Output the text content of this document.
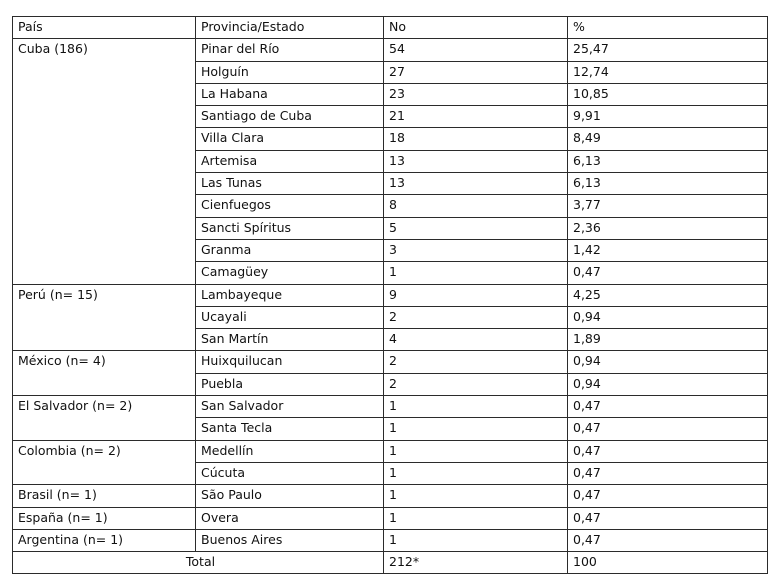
País	Provincia/Estado	No	%
Cuba (186)	Pinar del Río	54	25,47
	Holguín	27	12,74
	La Habana	23	10,85
	Santiago de Cuba	21	9,91
	Villa Clara	18	8,49
	Artemisa	13	6,13
	Las Tunas	13	6,13
	Cienfuegos	8	3,77
	Sancti Spíritus	5	2,36
	Granma	3	1,42
	Camagüey	1	0,47
Perú (n= 15)	Lambayeque	9	4,25
	Ucayali	2	0,94
	San Martín	4	1,89
México (n= 4)	Huixquilucan	2	0,94
	Puebla	2	0,94
El Salvador (n= 2)	San Salvador	1	0,47
	Santa Tecla	1	0,47
Colombia (n= 2)	Medellín	1	0,47
	Cúcuta	1	0,47
Brasil (n= 1)	São Paulo	1	0,47
España (n= 1)	Overa	1	0,47
Argentina (n= 1)	Buenos Aires	1	0,47
Total		212*	100
